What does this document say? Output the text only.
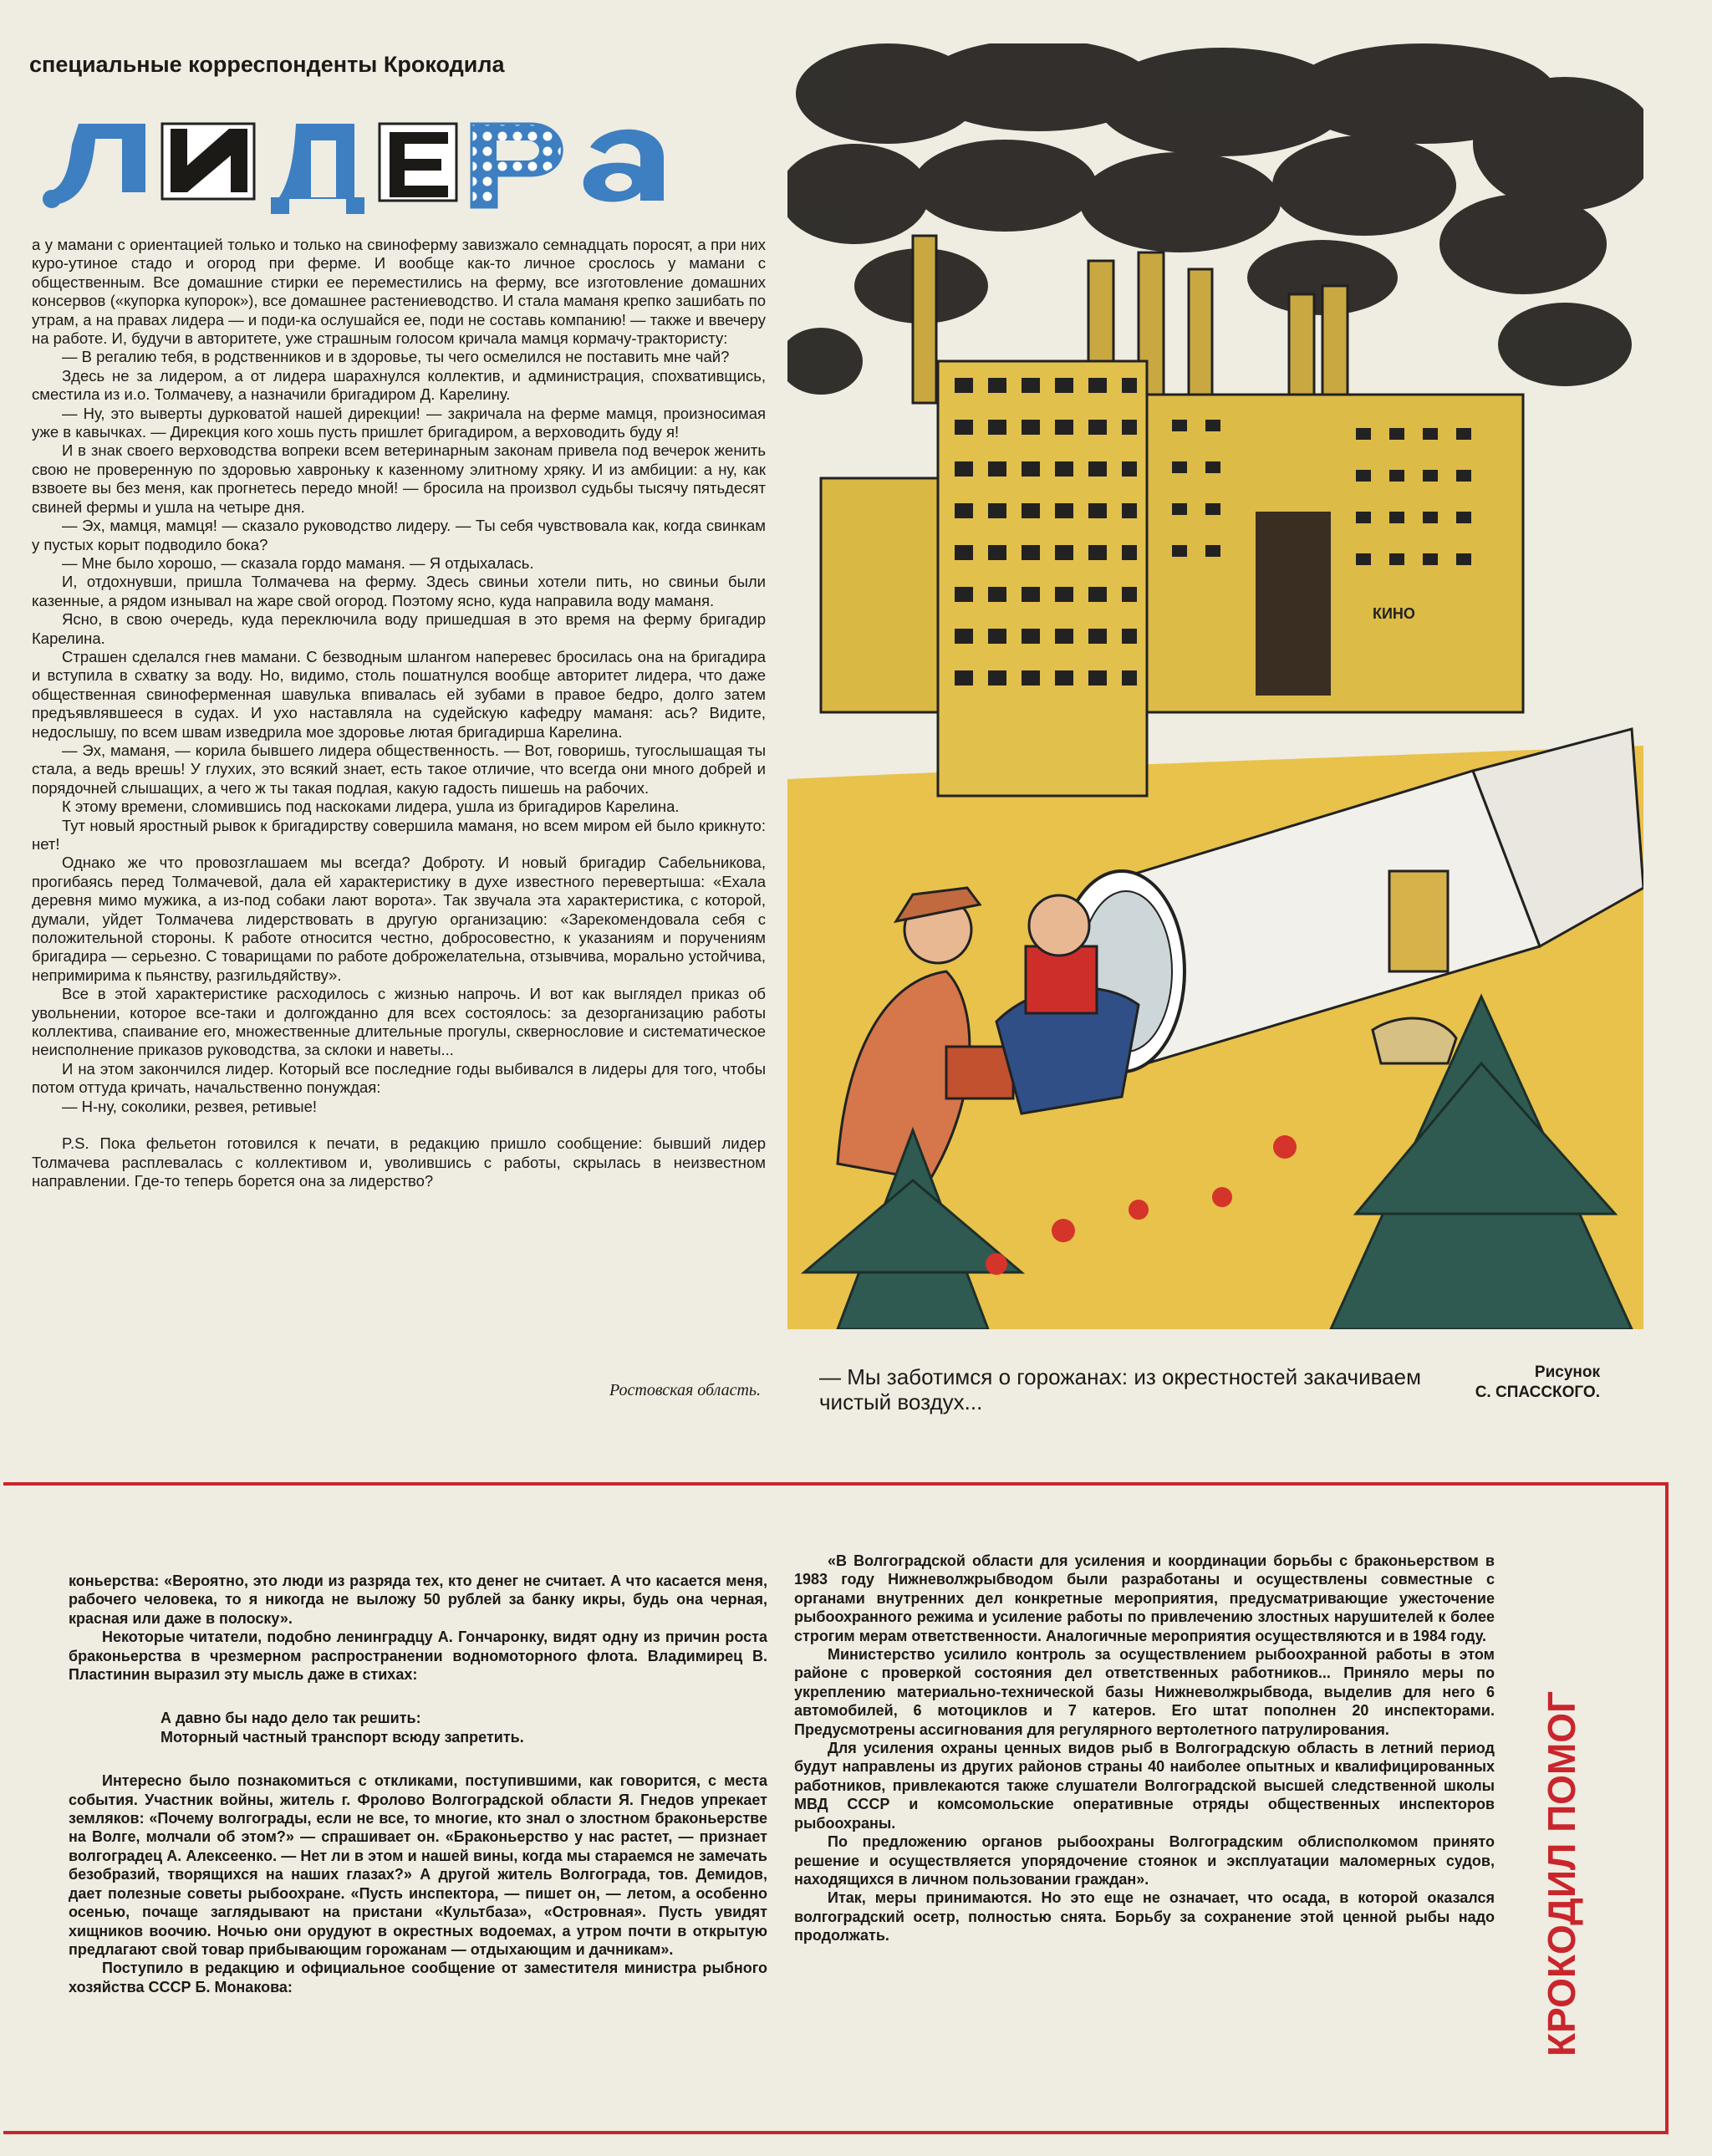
специальные корреспонденты Крокодила

а у мамани с ориентацией только и только на свиноферму завизжало семнадцать поросят, а при них куро-утиное стадо и огород при ферме. И вообще как-то личное срослось у мамани с общественным. Все домашние стирки ее переместились на ферму, все изготовление домашних консервов («купорка купорок»), все домашнее растениеводство. И стала маманя крепко зашибать по утрам, а на правах лидера — и поди-ка ослушайся ее, поди не составь компанию! — также и ввечеру на работе. И, будучи в авторитете, уже страшным голосом кричала мамця кормачу-трактористу:

— В регалию тебя, в родственников и в здоровье, ты чего осмелился не поставить мне чай?

Здесь не за лидером, а от лидера шарахнулся коллектив, и администрация, спохвативщись, сместила из и.о. Толмачеву, а назначили бригадиром Д. Карелину.

— Ну, это выверты дурковатой нашей дирекции! — закричала на ферме мамця, произносимая уже в кавычках. — Дирекция кого хошь пусть пришлет бригадиром, а верховодить буду я!

И в знак своего верховодства вопреки всем ветеринарным законам привела под вечерок женить свою не проверенную по здоровью хавроньку к казенному элитному хряку. И из амбиции: а ну, как взвоете вы без меня, как прогнетесь передо мной! — бросила на произвол судьбы тысячу пятьдесят свиней фермы и ушла на четыре дня.

— Эх, мамця, мамця! — сказало руководство лидеру. — Ты себя чувствовала как, когда свинкам у пустых корыт подводило бока?

— Мне было хорошо, — сказала гордо маманя. — Я отдыхалась.

И, отдохнувши, пришла Толмачева на ферму. Здесь свиньи хотели пить, но свиньи были казенные, а рядом изнывал на жаре свой огород. Поэтому ясно, куда направила воду маманя.

Ясно, в свою очередь, куда переключила воду пришедшая в это время на ферму бригадир Карелина.

Страшен сделался гнев мамани. С безводным шлангом наперевес бросилась она на бригадира и вступила в схватку за воду. Но, видимо, столь пошатнулся вообще авторитет лидера, что даже общественная свиноферменная шавулька впивалась ей зубами в правое бедро, долго затем предъявлявшееся в судах. И ухо наставляла на судейскую кафедру маманя: ась? Видите, недослышу, по всем швам изведрила мое здоровье лютая бригадирша Карелина.

— Эх, маманя, — корила бывшего лидера общественность. — Вот, говоришь, тугослышащая ты стала, а ведь врешь! У глухих, это всякий знает, есть такое отличие, что всегда они много добрей и порядочней слышащих, а чего ж ты такая подлая, какую гадость пишешь на рабочих.

К этому времени, сломившись под наскоками лидера, ушла из бригадиров Карелина.

Тут новый яростный рывок к бригадирству совершила маманя, но всем миром ей было крикнуто: нет!

Однако же что провозглашаем мы всегда? Доброту. И новый бригадир Сабельникова, прогибаясь перед Толмачевой, дала ей характеристику в духе известного перевертыша: «Ехала деревня мимо мужика, а из-под собаки лают ворота». Так звучала эта характеристика, с которой, думали, уйдет Толмачева лидерствовать в другую организацию: «Зарекомендовала себя с положительной стороны. К работе относится честно, добросовестно, к указаниям и поручениям бригадира — серьезно. С товарищами по работе доброжелательна, отзывчива, морально устойчива, непримирима к пьянству, разгильдяйству».

Все в этой характеристике расходилось с жизнью напрочь. И вот как выглядел приказ об увольнении, которое все-таки и долгожданно для всех состоялось: за дезорганизацию работы коллектива, спаивание его, множественные длительные прогулы, сквернословие и систематическое неисполнение приказов руководства, за склоки и наветы...

И на этом закончился лидер. Который все последние годы выбивался в лидеры для того, чтобы потом оттуда кричать, начальственно понуждая:

— Н-ну, соколики, резвея, ретивые!

P.S. Пока фельетон готовился к печати, в редакцию пришло сообщение: бывший лидер Толмачева расплевалась с коллективом и, уволившись с работы, скрылась в неизвестном направлении. Где-то теперь борется она за лидерство?

Ростовская область.
КИНО
— Мы заботимся о горожанах: из окрестностей закачиваем чистый воздух...
Рисунок
С. СПАССКОГО.
КРОКОДИЛ ПОМОГ

коньерства: «Вероятно, это люди из разряда тех, кто денег не считает. А что касается меня, рабочего человека, то я никогда не выложу 50 рублей за банку икры, будь она черная, красная или даже в полоску».

Некоторые читатели, подобно ленинградцу А. Гончаронку, видят одну из причин роста браконьерства в чрезмерном распространении водномоторного флота. Владимирец В. Пластинин выразил эту мысль даже в стихах:

А давно бы надо дело так решить:
Моторный частный транспорт всюду запретить.

Интересно было познакомиться с откликами, поступившими, как говорится, с места события. Участник войны, житель г. Фролово Волгоградской области Я. Гнедов упрекает земляков: «Почему волгограды, если не все, то многие, кто знал о злостном браконьерстве на Волге, молчали об этом?» — спрашивает он. «Браконьерство у нас растет, — признает волгоградец А. Алексеенко. — Нет ли в этом и нашей вины, когда мы стараемся не замечать безобразий, творящихся на наших глазах?» А другой житель Волгограда, тов. Демидов, дает полезные советы рыбоохране. «Пусть инспектора, — пишет он, — летом, а особенно осенью, почаще заглядывают на пристани «Культбаза», «Островная». Пусть увидят хищников воочию. Ночью они орудуют в окрестных водоемах, а утром почти в открытую предлагают свой товар прибывающим горожанам — отдыхающим и дачникам».

Поступило в редакцию и официальное сообщение от заместителя министра рыбного хозяйства СССР Б. Монакова:

«В Волгоградской области для усиления и координации борьбы с браконьерством в 1983 году Нижневолжрыбводом были разработаны и осуществлены совместные с органами внутренних дел конкретные мероприятия, предусматривающие ужесточение рыбоохранного режима и усиление работы по привлечению злостных нарушителей к более строгим мерам ответственности. Аналогичные мероприятия осуществляются и в 1984 году.

Министерство усилило контроль за осуществлением рыбоохранной работы в этом районе с проверкой состояния дел ответственных работников... Приняло меры по укреплению материально-технической базы Нижневолжрыбвода, выделив для него 6 автомобилей, 6 мотоциклов и 7 катеров. Его штат пополнен 20 инспекторами. Предусмотрены ассигнования для регулярного вертолетного патрулирования.

Для усиления охраны ценных видов рыб в Волгоградскую область в летний период будут направлены из других районов страны 40 наиболее опытных и квалифицированных работников, привлекаются также слушатели Волгоградской высшей следственной школы МВД СССР и комсомольские оперативные отряды общественных инспекторов рыбоохраны.

По предложению органов рыбоохраны Волгоградским облисполкомом принято решение и осуществляется упорядочение стоянок и эксплуатации маломерных судов, находящихся в личном пользовании граждан».

Итак, меры принимаются. Но это еще не означает, что осада, в которой оказался волгоградский осетр, полностью снята. Борьбу за сохранение этой ценной рыбы надо продолжать.
